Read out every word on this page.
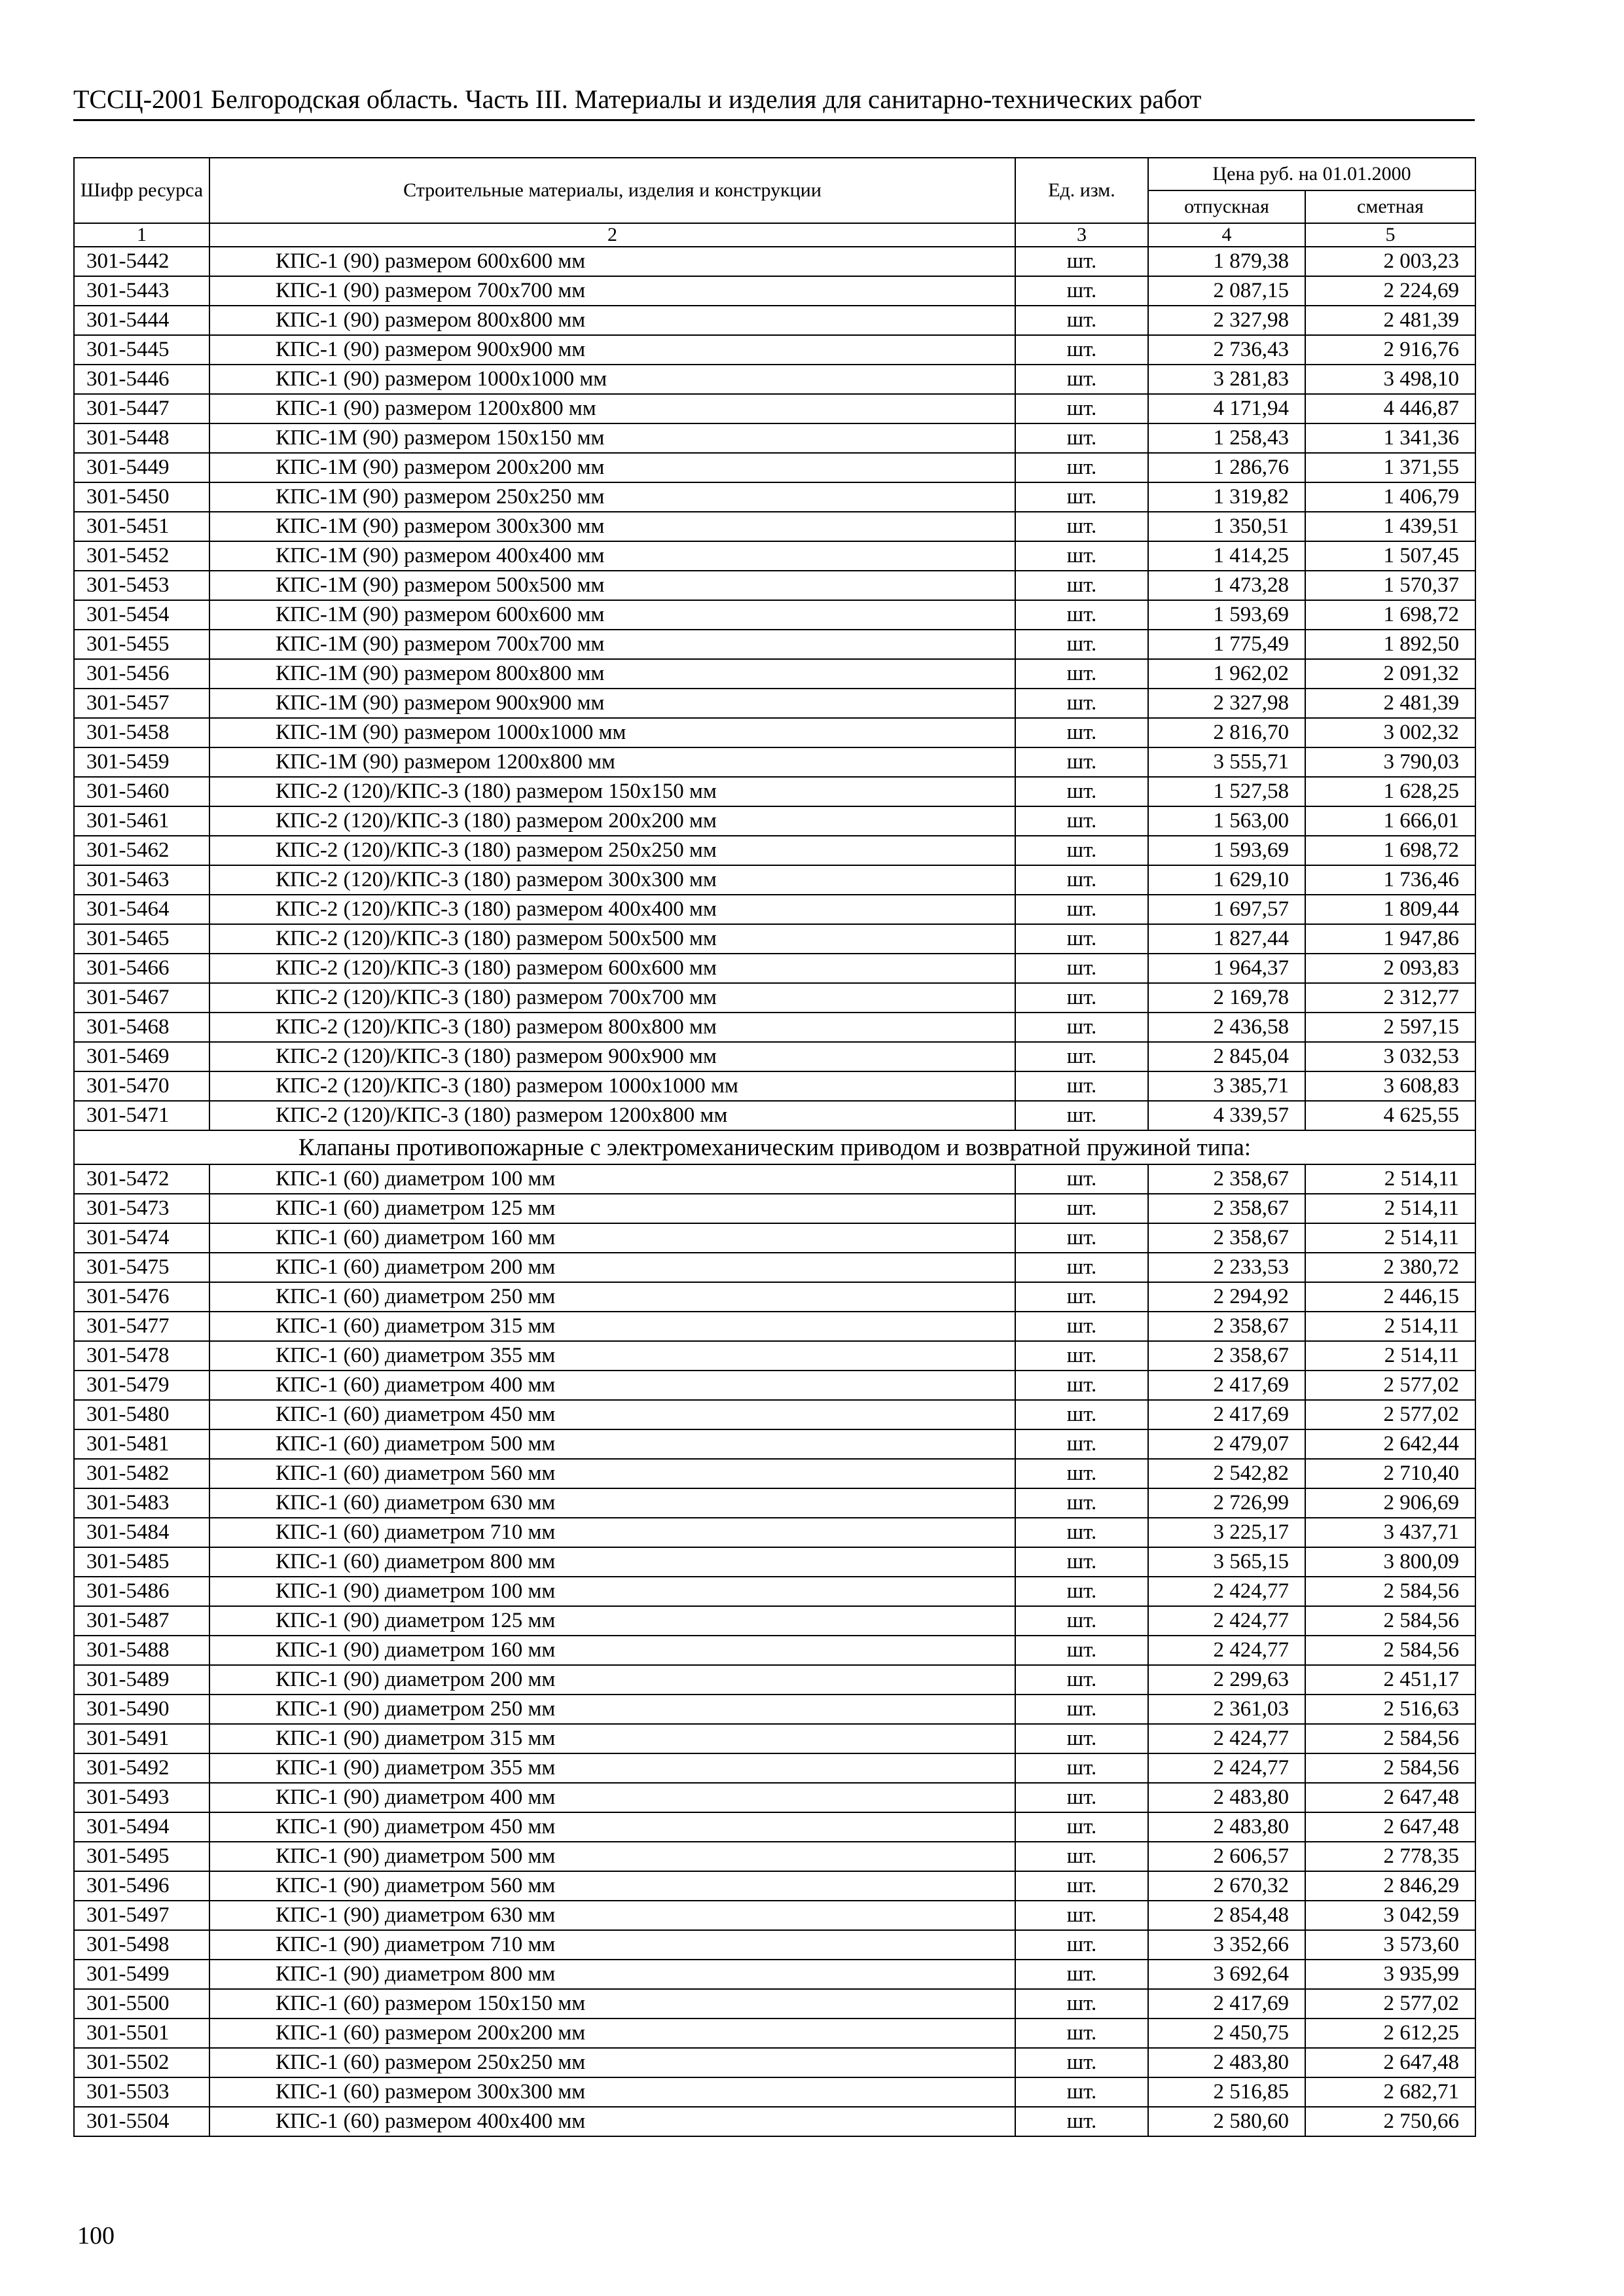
ТССЦ-2001 Белгородская область. Часть III. Материалы и изделия для санитарно-технических работ
Шифр ресурса	Строительные материалы, изделия и конструкции	Ед. изм.	Цена руб. на 01.01.2000	
			отпускная	сметная
1	2	3	4	5
301-5442	КПС-1 (90) размером 600х600 мм	шт.	1 879,38	2 003,23
301-5443	КПС-1 (90) размером 700х700 мм	шт.	2 087,15	2 224,69
301-5444	КПС-1 (90) размером 800х800 мм	шт.	2 327,98	2 481,39
301-5445	КПС-1 (90) размером 900х900 мм	шт.	2 736,43	2 916,76
301-5446	КПС-1 (90) размером 1000х1000 мм	шт.	3 281,83	3 498,10
301-5447	КПС-1 (90) размером 1200х800 мм	шт.	4 171,94	4 446,87
301-5448	КПС-1М (90) размером 150х150 мм	шт.	1 258,43	1 341,36
301-5449	КПС-1М (90) размером 200х200 мм	шт.	1 286,76	1 371,55
301-5450	КПС-1М (90) размером 250х250 мм	шт.	1 319,82	1 406,79
301-5451	КПС-1М (90) размером 300х300 мм	шт.	1 350,51	1 439,51
301-5452	КПС-1М (90) размером 400х400 мм	шт.	1 414,25	1 507,45
301-5453	КПС-1М (90) размером 500х500 мм	шт.	1 473,28	1 570,37
301-5454	КПС-1М (90) размером 600х600 мм	шт.	1 593,69	1 698,72
301-5455	КПС-1М (90) размером 700х700 мм	шт.	1 775,49	1 892,50
301-5456	КПС-1М (90) размером 800х800 мм	шт.	1 962,02	2 091,32
301-5457	КПС-1М (90) размером 900х900 мм	шт.	2 327,98	2 481,39
301-5458	КПС-1М (90) размером 1000х1000 мм	шт.	2 816,70	3 002,32
301-5459	КПС-1М (90) размером 1200х800 мм	шт.	3 555,71	3 790,03
301-5460	КПС-2 (120)/КПС-3 (180) размером 150х150 мм	шт.	1 527,58	1 628,25
301-5461	КПС-2 (120)/КПС-3 (180) размером 200х200 мм	шт.	1 563,00	1 666,01
301-5462	КПС-2 (120)/КПС-3 (180) размером 250х250 мм	шт.	1 593,69	1 698,72
301-5463	КПС-2 (120)/КПС-3 (180) размером 300х300 мм	шт.	1 629,10	1 736,46
301-5464	КПС-2 (120)/КПС-3 (180) размером 400х400 мм	шт.	1 697,57	1 809,44
301-5465	КПС-2 (120)/КПС-3 (180) размером 500х500 мм	шт.	1 827,44	1 947,86
301-5466	КПС-2 (120)/КПС-3 (180) размером 600х600 мм	шт.	1 964,37	2 093,83
301-5467	КПС-2 (120)/КПС-3 (180) размером 700х700 мм	шт.	2 169,78	2 312,77
301-5468	КПС-2 (120)/КПС-3 (180) размером 800х800 мм	шт.	2 436,58	2 597,15
301-5469	КПС-2 (120)/КПС-3 (180) размером 900х900 мм	шт.	2 845,04	3 032,53
301-5470	КПС-2 (120)/КПС-3 (180) размером 1000х1000 мм	шт.	3 385,71	3 608,83
301-5471	КПС-2 (120)/КПС-3 (180) размером 1200х800 мм	шт.	4 339,57	4 625,55
Клапаны противопожарные с электромеханическим приводом и возвратной пружиной типа:				
301-5472	КПС-1 (60) диаметром 100 мм	шт.	2 358,67	2 514,11
301-5473	КПС-1 (60) диаметром 125 мм	шт.	2 358,67	2 514,11
301-5474	КПС-1 (60) диаметром 160 мм	шт.	2 358,67	2 514,11
301-5475	КПС-1 (60) диаметром 200 мм	шт.	2 233,53	2 380,72
301-5476	КПС-1 (60) диаметром 250 мм	шт.	2 294,92	2 446,15
301-5477	КПС-1 (60) диаметром 315 мм	шт.	2 358,67	2 514,11
301-5478	КПС-1 (60) диаметром 355 мм	шт.	2 358,67	2 514,11
301-5479	КПС-1 (60) диаметром 400 мм	шт.	2 417,69	2 577,02
301-5480	КПС-1 (60) диаметром 450 мм	шт.	2 417,69	2 577,02
301-5481	КПС-1 (60) диаметром 500 мм	шт.	2 479,07	2 642,44
301-5482	КПС-1 (60) диаметром 560 мм	шт.	2 542,82	2 710,40
301-5483	КПС-1 (60) диаметром 630 мм	шт.	2 726,99	2 906,69
301-5484	КПС-1 (60) диаметром 710 мм	шт.	3 225,17	3 437,71
301-5485	КПС-1 (60) диаметром 800 мм	шт.	3 565,15	3 800,09
301-5486	КПС-1 (90) диаметром 100 мм	шт.	2 424,77	2 584,56
301-5487	КПС-1 (90) диаметром 125 мм	шт.	2 424,77	2 584,56
301-5488	КПС-1 (90) диаметром 160 мм	шт.	2 424,77	2 584,56
301-5489	КПС-1 (90) диаметром 200 мм	шт.	2 299,63	2 451,17
301-5490	КПС-1 (90) диаметром 250 мм	шт.	2 361,03	2 516,63
301-5491	КПС-1 (90) диаметром 315 мм	шт.	2 424,77	2 584,56
301-5492	КПС-1 (90) диаметром 355 мм	шт.	2 424,77	2 584,56
301-5493	КПС-1 (90) диаметром 400 мм	шт.	2 483,80	2 647,48
301-5494	КПС-1 (90) диаметром 450 мм	шт.	2 483,80	2 647,48
301-5495	КПС-1 (90) диаметром 500 мм	шт.	2 606,57	2 778,35
301-5496	КПС-1 (90) диаметром 560 мм	шт.	2 670,32	2 846,29
301-5497	КПС-1 (90) диаметром 630 мм	шт.	2 854,48	3 042,59
301-5498	КПС-1 (90) диаметром 710 мм	шт.	3 352,66	3 573,60
301-5499	КПС-1 (90) диаметром 800 мм	шт.	3 692,64	3 935,99
301-5500	КПС-1 (60) размером 150х150 мм	шт.	2 417,69	2 577,02
301-5501	КПС-1 (60) размером 200х200 мм	шт.	2 450,75	2 612,25
301-5502	КПС-1 (60) размером 250х250 мм	шт.	2 483,80	2 647,48
301-5503	КПС-1 (60) размером 300х300 мм	шт.	2 516,85	2 682,71
301-5504	КПС-1 (60) размером 400х400 мм	шт.	2 580,60	2 750,66
100
